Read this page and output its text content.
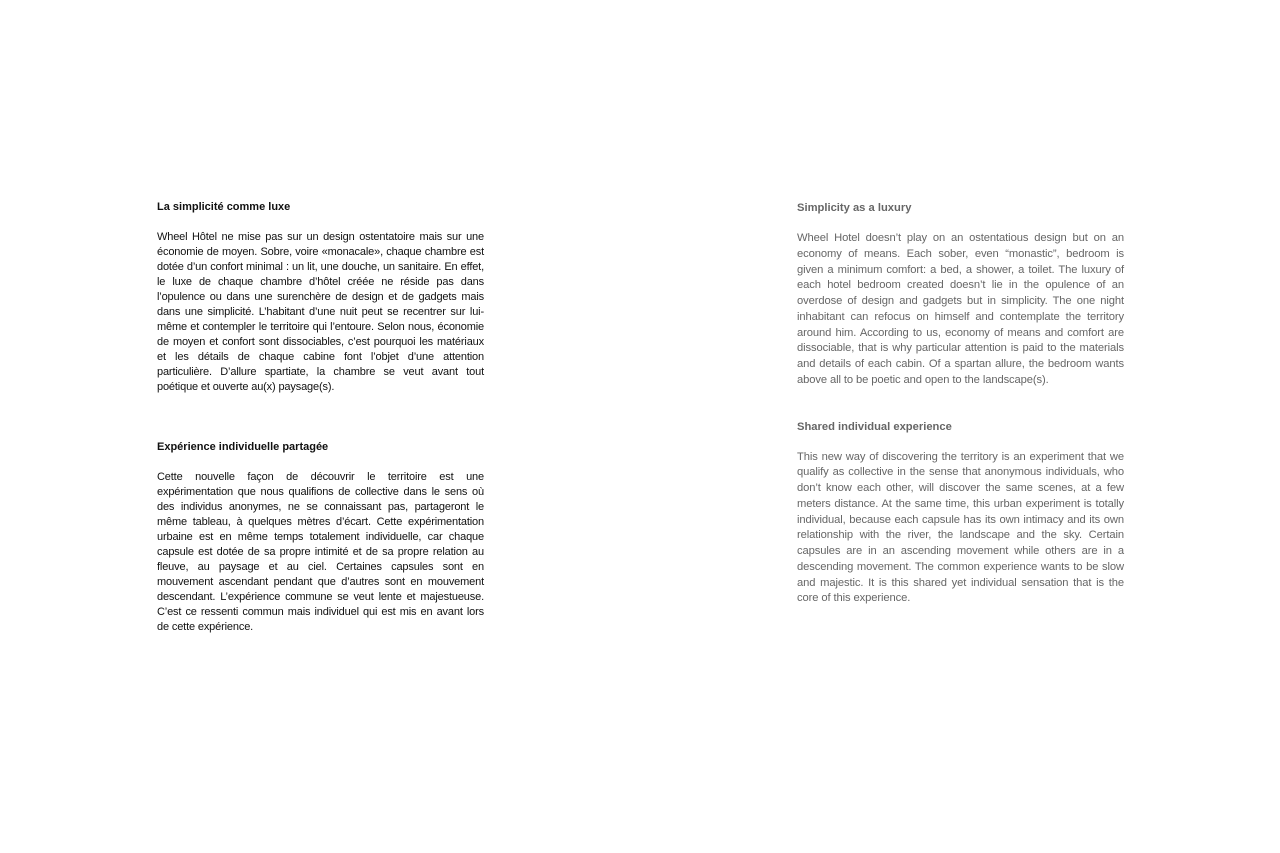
La simplicité comme luxe

Wheel Hôtel ne mise pas sur un design ostentatoire mais sur une économie de moyen. Sobre, voire «monacale», chaque chambre est dotée d’un confort minimal : un lit, une douche, un sanitaire. En effet, le luxe de chaque chambre d’hôtel créée ne réside pas dans l’opulence ou dans une surenchère de design et de gadgets mais dans une simplicité. L’habitant d’une nuit peut se recentrer sur lui-même et contempler le territoire qui l’entoure. Selon nous, économie de moyen et confort sont dissociables, c’est pourquoi les matériaux et les détails de chaque cabine font l’objet d’une attention particulière. D’allure spartiate, la chambre se veut avant tout poétique et ouverte au(x) paysage(s).

Expérience individuelle partagée

Cette nouvelle façon de découvrir le territoire est une expérimentation que nous qualifions de collective dans le sens où des individus anonymes, ne se connaissant pas, partageront le même tableau, à quelques mètres d’écart. Cette expérimentation urbaine est en même temps totalement individuelle, car chaque capsule est dotée de sa propre intimité et de sa propre relation au fleuve, au paysage et au ciel. Certaines capsules sont en mouvement ascendant pendant que d’autres sont en mouvement descendant. L’expérience commune se veut lente et majestueuse. C’est ce ressenti commun mais individuel qui est mis en avant lors de cette expérience.

Simplicity as a luxury

Wheel Hotel doesn’t play on an ostentatious design but on an economy of means. Each sober, even “monastic”, bedroom is given a minimum comfort: a bed, a shower, a toilet. The luxury of each hotel bedroom created doesn’t lie in the opulence of an overdose of design and gadgets but in simplicity. The one night inhabitant can refocus on himself and contemplate the territory around him. According to us, economy of means and comfort are dissociable, that is why particular attention is paid to the materials and details of each cabin. Of a spartan allure, the bedroom wants above all to be poetic and open to the landscape(s).

Shared individual experience

This new way of discovering the territory is an experiment that we qualify as collective in the sense that anonymous individuals, who don’t know each other, will discover the same scenes, at a few meters distance. At the same time, this urban experiment is totally individual, because each capsule has its own intimacy and its own relationship with the river, the landscape and the sky. Certain capsules are in an ascending movement while others are in a descending movement. The common experience wants to be slow and majestic. It is this shared yet individual sensation that is the core of this experience.
